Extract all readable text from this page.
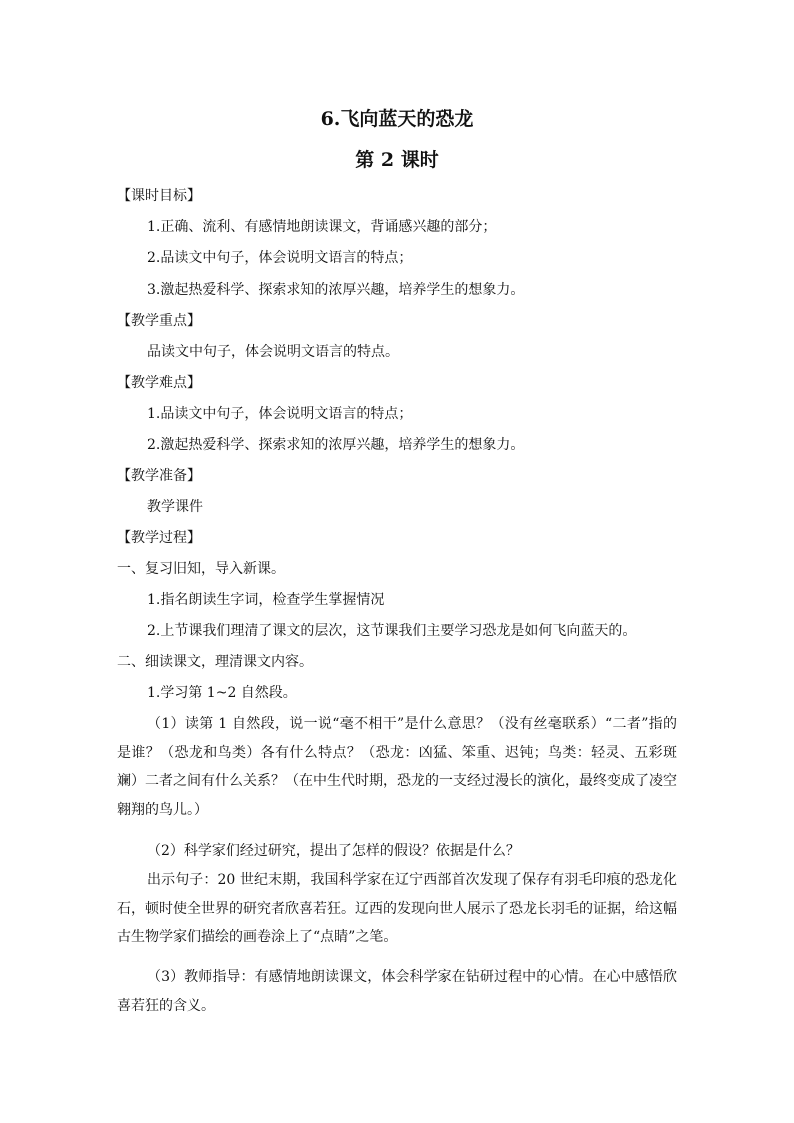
6.飞向蓝天的恐龙
第 2 课时
【课时目标】
1.正确、流利、有感情地朗读课文，背诵感兴趣的部分；
2.品读文中句子，体会说明文语言的特点；
3.激起热爱科学、探索求知的浓厚兴趣，培养学生的想象力。
【教学重点】
品读文中句子，体会说明文语言的特点。
【教学难点】
1.品读文中句子，体会说明文语言的特点；
2.激起热爱科学、探索求知的浓厚兴趣，培养学生的想象力。
【教学准备】
教学课件
【教学过程】
一、复习旧知，导入新课。
1.指名朗读生字词，检查学生掌握情况
2.上节课我们理清了课文的层次，这节课我们主要学习恐龙是如何飞向蓝天的。
二、细读课文，理清课文内容。
1.学习第 1~2 自然段。
（1）读第 1 自然段，说一说“毫不相干”是什么意思？（没有丝毫联系）“二者”指的是谁？（恐龙和鸟类）各有什么特点？（恐龙：凶猛、笨重、迟钝；鸟类：轻灵、五彩斑斓）二者之间有什么关系？（在中生代时期，恐龙的一支经过漫长的演化，最终变成了凌空翱翔的鸟儿。）
（2）科学家们经过研究，提出了怎样的假设？依据是什么？
出示句子：20 世纪末期，我国科学家在辽宁西部首次发现了保存有羽毛印痕的恐龙化石，顿时使全世界的研究者欣喜若狂。辽西的发现向世人展示了恐龙长羽毛的证据，给这幅古生物学家们描绘的画卷涂上了“点睛”之笔。
（3）教师指导：有感情地朗读课文，体会科学家在钻研过程中的心情。在心中感悟欣喜若狂的含义。
